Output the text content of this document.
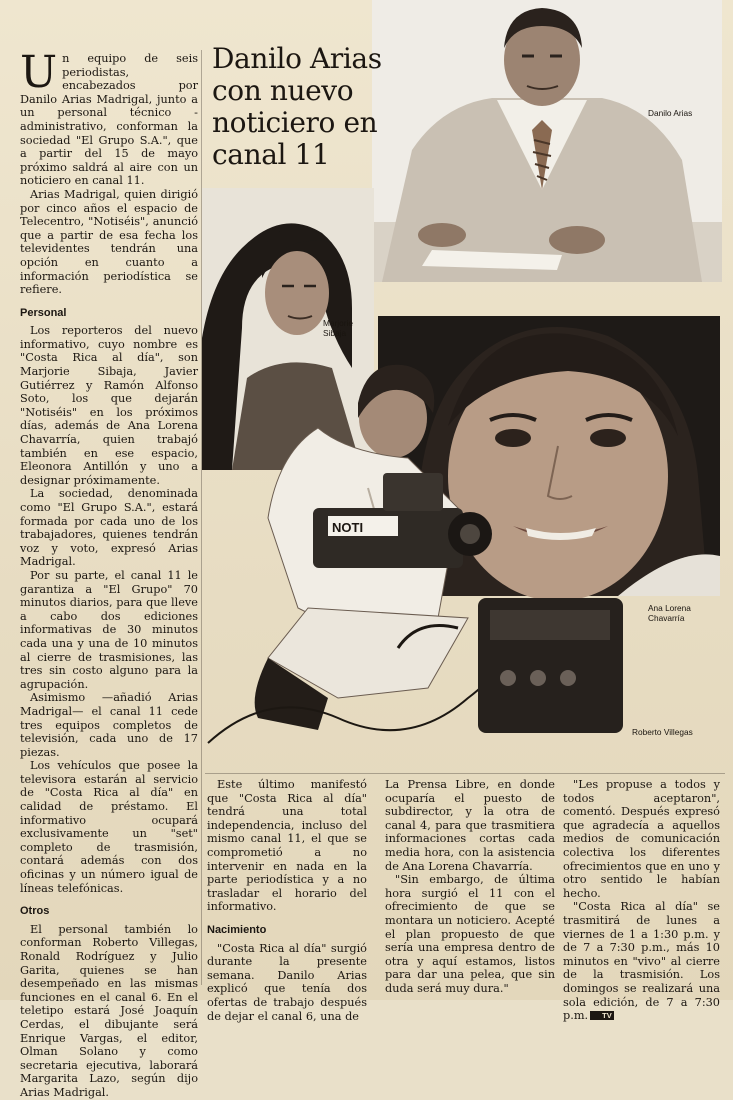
Un equipo de seis periodistas, encabezados por Danilo Arias Madrigal, junto a un personal técnico - administrativo, conforman la sociedad "El Grupo S.A.", que a partir del 15 de mayo próximo saldrá al aire con un noticiero en canal 11.

Arias Madrigal, quien dirigió por cinco años el espacio de Telecentro, "Notiséis", anunció que a partir de esa fecha los televidentes tendrán una opción en cuanto a información periodística se refiere.

Personal

Los reporteros del nuevo informativo, cuyo nombre es "Costa Rica al día", son Marjorie Sibaja, Javier Gutiérrez y Ramón Alfonso Soto, los que dejarán "Notiséis" en los próximos días, además de Ana Lorena Chavarría, quien trabajó también en ese espacio, Eleonora Antillón y uno a designar próximamente.

La sociedad, denominada como "El Grupo S.A.", estará formada por cada uno de los trabajadores, quienes tendrán voz y voto, expresó Arias Madrigal.

Por su parte, el canal 11 le garantiza a "El Grupo" 70 minutos diarios, para que lleve a cabo dos ediciones informativas de 30 minutos cada una y una de 10 minutos al cierre de trasmisiones, las tres sin costo alguno para la agrupación.

Asimismo —añadió Arias Madrigal— el canal 11 cede tres equipos completos de televisión, cada uno de 17 piezas.

Los vehículos que posee la televisora estarán al servicio de "Costa Rica al día" en calidad de préstamo. El informativo ocupará exclusivamente un "set" completo de trasmisión, contará además con dos oficinas y un número igual de líneas telefónicas.

Otros

El personal también lo conforman Roberto Villegas, Ronald Rodríguez y Julio Garita, quienes se han desempeñado en las mismas funciones en el canal 6. En el teletipo estará José Joaquín Cerdas, el dibujante será Enrique Vargas, el editor, Olman Solano y como secretaria ejecutiva, laborará Margarita Lazo, según dijo Arias Madrigal.

Danilo Arias
Danilo Arias con nuevo noticiero en canal 11
Marjorie Sibaja
Ana Lorena Chavarría
NOTI
Roberto Villegas

Este último manifestó que "Costa Rica al día" tendrá una total independencia, incluso del mismo canal 11, el que se comprometió a no intervenir en nada en la parte periodística y a no trasladar el horario del informativo.

Nacimiento

"Costa Rica al día" surgió durante la presente semana. Danilo Arias explicó que tenía dos ofertas de trabajo después de dejar el canal 6, una de

La Prensa Libre, en donde ocuparía el puesto de subdirector, y la otra de canal 4, para que trasmitiera informaciones cortas cada media hora, con la asistencia de Ana Lorena Chavarría.

"Sin embargo, de última hora surgió el 11 con el ofrecimiento de que se montara un noticiero. Acepté el plan propuesto de que sería una empresa dentro de otra y aquí estamos, listos para dar una pelea, que sin duda será muy dura."

"Les propuse a todos y todos aceptaron", comentó. Después expresó que agradecía a aquellos medios de comunicación colectiva los diferentes ofrecimientos que en uno y otro sentido le habían hecho.

"Costa Rica al día" se trasmitirá de lunes a viernes de 1 a 1:30 p.m. y de 7 a 7:30 p.m., más 10 minutos en "vivo" al cierre de la trasmisión. Los domingos se realizará una sola edición, de 7 a 7:30 p.m. TV
